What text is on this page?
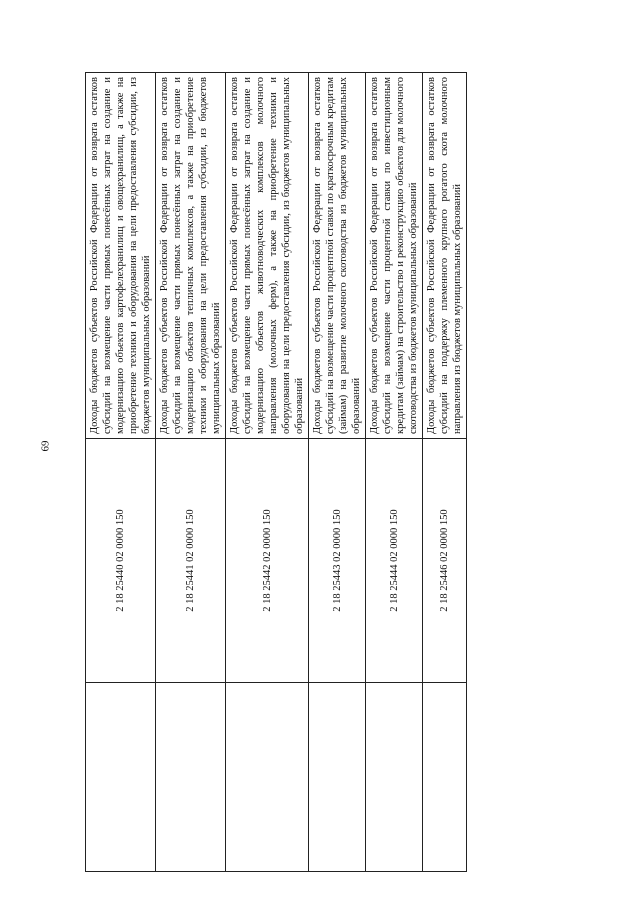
69
	2 18 25440 02 0000 150	Доходы бюджетов субъектов Российской Федерации от возврата остатков субсидий на возмещение части прямых понесённых затрат на создание и модернизацию объектов картофелехранилищ и овощехранилищ, а также на приобретение техники и оборудования на цели предоставления субсидии, из бюджетов муниципальных образований
	2 18 25441 02 0000 150	Доходы бюджетов субъектов Российской Федерации от возврата остатков субсидий на возмещение части прямых понесённых затрат на создание и модернизацию объектов тепличных комплексов, а также на приобретение техники и оборудования на цели предоставления субсидии, из бюджетов муниципальных образований
	2 18 25442 02 0000 150	Доходы бюджетов субъектов Российской Федерации от возврата остатков субсидий на возмещение части прямых понесённых затрат на создание и модернизацию объектов животноводческих комплексов молочного направления (молочных ферм), а также на приобретение техники и оборудования на цели предоставления субсидии, из бюджетов муниципальных образований
	2 18 25443 02 0000 150	Доходы бюджетов субъектов Российской Федерации от возврата остатков субсидий на возмещение части процентной ставки по краткосрочным кредитам (займам) на развитие молочного скотоводства из бюджетов муниципальных образований
	2 18 25444 02 0000 150	Доходы бюджетов субъектов Российской Федерации от возврата остатков субсидий на возмещение части процентной ставки по инвестиционным кредитам (займам) на строительство и реконструкцию объектов для молочного скотоводства из бюджетов муниципальных образований
	2 18 25446 02 0000 150	Доходы бюджетов субъектов Российской Федерации от возврата остатков субсидий на поддержку племенного крупного рогатого скота молочного направления из бюджетов муниципальных образований
